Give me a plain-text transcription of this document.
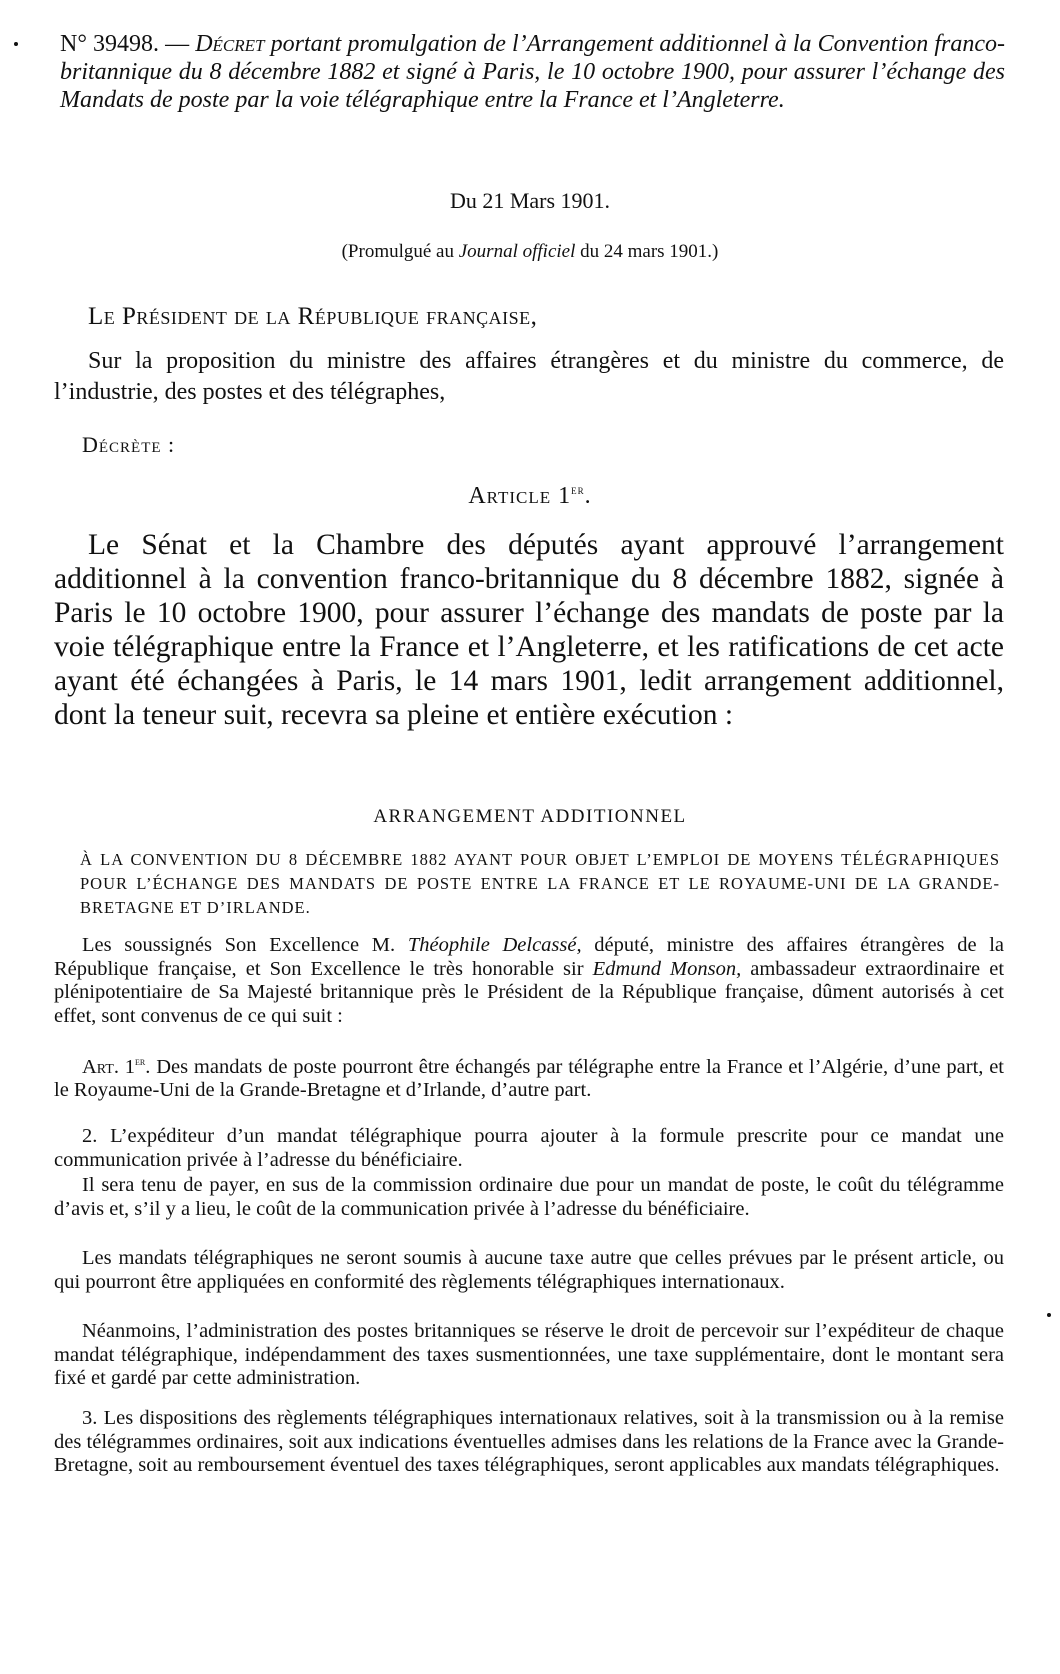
N° 39498. — Décret portant promulgation de l’Arrangement additionnel à la Convention franco-britannique du 8 décembre 1882 et signé à Paris, le 10 octobre 1900, pour assurer l’échange des Mandats de poste par la voie télégraphique entre la France et l’Angleterre.
Du 21 Mars 1901.
(Promulgué au Journal officiel du 24 mars 1901.)
Le Président de la République française,
Sur la proposition du ministre des affaires étrangères et du ministre du commerce, de l’industrie, des postes et des télégraphes,
Décrète :
Article 1er.
Le Sénat et la Chambre des députés ayant approuvé l’arrangement additionnel à la convention franco-britannique du 8 décembre 1882, signée à Paris le 10 octobre 1900, pour assurer l’échange des mandats de poste par la voie télégraphique entre la France et l’Angleterre, et les ratifications de cet acte ayant été échangées à Paris, le 14 mars 1901, ledit arrangement additionnel, dont la teneur suit, recevra sa pleine et entière exécution :
ARRANGEMENT ADDITIONNEL
À LA CONVENTION DU 8 DÉCEMBRE 1882 AYANT POUR OBJET L’EMPLOI DE MOYENS TÉLÉGRAPHIQUES POUR L’ÉCHANGE DES MANDATS DE POSTE ENTRE LA FRANCE ET LE ROYAUME-UNI DE LA GRANDE-BRETAGNE ET D’IRLANDE.
Les soussignés Son Excellence M. Théophile Delcassé, député, ministre des affaires étrangères de la République française, et Son Excellence le très honorable sir Edmund Monson, ambassadeur extraordinaire et plénipotentiaire de Sa Majesté britannique près le Président de la République française, dûment autorisés à cet effet, sont convenus de ce qui suit :
Art. 1er. Des mandats de poste pourront être échangés par télégraphe entre la France et l’Algérie, d’une part, et le Royaume-Uni de la Grande-Bretagne et d’Irlande, d’autre part.
2. L’expéditeur d’un mandat télégraphique pourra ajouter à la formule prescrite pour ce mandat une communication privée à l’adresse du bénéficiaire.
Il sera tenu de payer, en sus de la commission ordinaire due pour un mandat de poste, le coût du télégramme d’avis et, s’il y a lieu, le coût de la communication privée à l’adresse du bénéficiaire.
Les mandats télégraphiques ne seront soumis à aucune taxe autre que celles prévues par le présent article, ou qui pourront être appliquées en conformité des règlements télégraphiques internationaux.
Néanmoins, l’administration des postes britanniques se réserve le droit de percevoir sur l’expéditeur de chaque mandat télégraphique, indépendamment des taxes susmentionnées, une taxe supplémentaire, dont le montant sera fixé et gardé par cette administration.
3. Les dispositions des règlements télégraphiques internationaux relatives, soit à la transmission ou à la remise des télégrammes ordinaires, soit aux indications éventuelles admises dans les relations de la France avec la Grande-Bretagne, soit au remboursement éventuel des taxes télégraphiques, seront applicables aux mandats télégraphiques.
